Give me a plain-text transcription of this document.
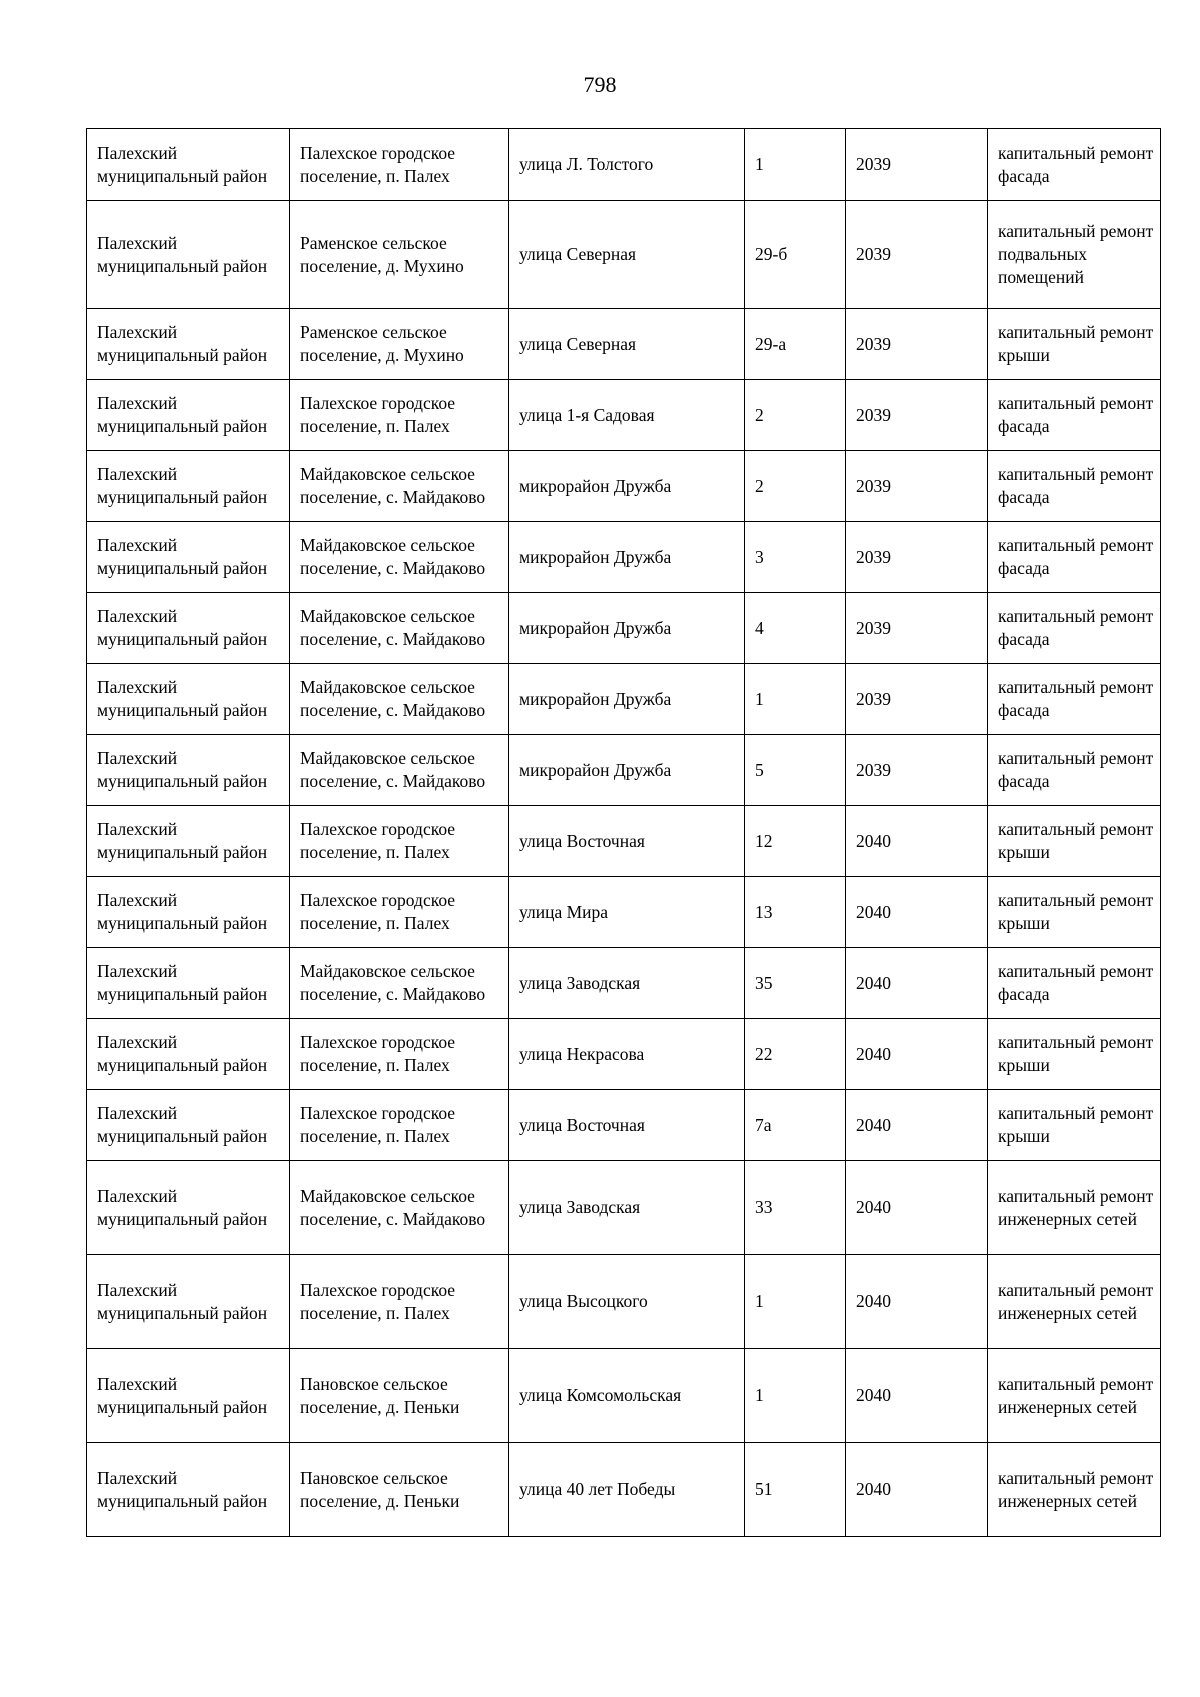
798
Палехский муниципальный район	Палехское городское поселение, п. Палех	улица Л. Толстого	1	2039	капитальный ремонт фасада
Палехский муниципальный район	Раменское сельское поселение, д. Мухино	улица Северная	29-б	2039	капитальный ремонт подвальных помещений
Палехский муниципальный район	Раменское сельское поселение, д. Мухино	улица Северная	29-а	2039	капитальный ремонт крыши
Палехский муниципальный район	Палехское городское поселение, п. Палех	улица 1-я Садовая	2	2039	капитальный ремонт фасада
Палехский муниципальный район	Майдаковское сельское поселение, с. Майдаково	микрорайон Дружба	2	2039	капитальный ремонт фасада
Палехский муниципальный район	Майдаковское сельское поселение, с. Майдаково	микрорайон Дружба	3	2039	капитальный ремонт фасада
Палехский муниципальный район	Майдаковское сельское поселение, с. Майдаково	микрорайон Дружба	4	2039	капитальный ремонт фасада
Палехский муниципальный район	Майдаковское сельское поселение, с. Майдаково	микрорайон Дружба	1	2039	капитальный ремонт фасада
Палехский муниципальный район	Майдаковское сельское поселение, с. Майдаково	микрорайон Дружба	5	2039	капитальный ремонт фасада
Палехский муниципальный район	Палехское городское поселение, п. Палех	улица Восточная	12	2040	капитальный ремонт крыши
Палехский муниципальный район	Палехское городское поселение, п. Палех	улица Мира	13	2040	капитальный ремонт крыши
Палехский муниципальный район	Майдаковское сельское поселение, с. Майдаково	улица Заводская	35	2040	капитальный ремонт фасада
Палехский муниципальный район	Палехское городское поселение, п. Палех	улица Некрасова	22	2040	капитальный ремонт крыши
Палехский муниципальный район	Палехское городское поселение, п. Палех	улица Восточная	7а	2040	капитальный ремонт крыши
Палехский муниципальный район	Майдаковское сельское поселение, с. Майдаково	улица Заводская	33	2040	капитальный ремонт инженерных сетей
Палехский муниципальный район	Палехское городское поселение, п. Палех	улица Высоцкого	1	2040	капитальный ремонт инженерных сетей
Палехский муниципальный район	Пановское сельское поселение, д. Пеньки	улица Комсомольская	1	2040	капитальный ремонт инженерных сетей
Палехский муниципальный район	Пановское сельское поселение, д. Пеньки	улица 40 лет Победы	51	2040	капитальный ремонт инженерных сетей
